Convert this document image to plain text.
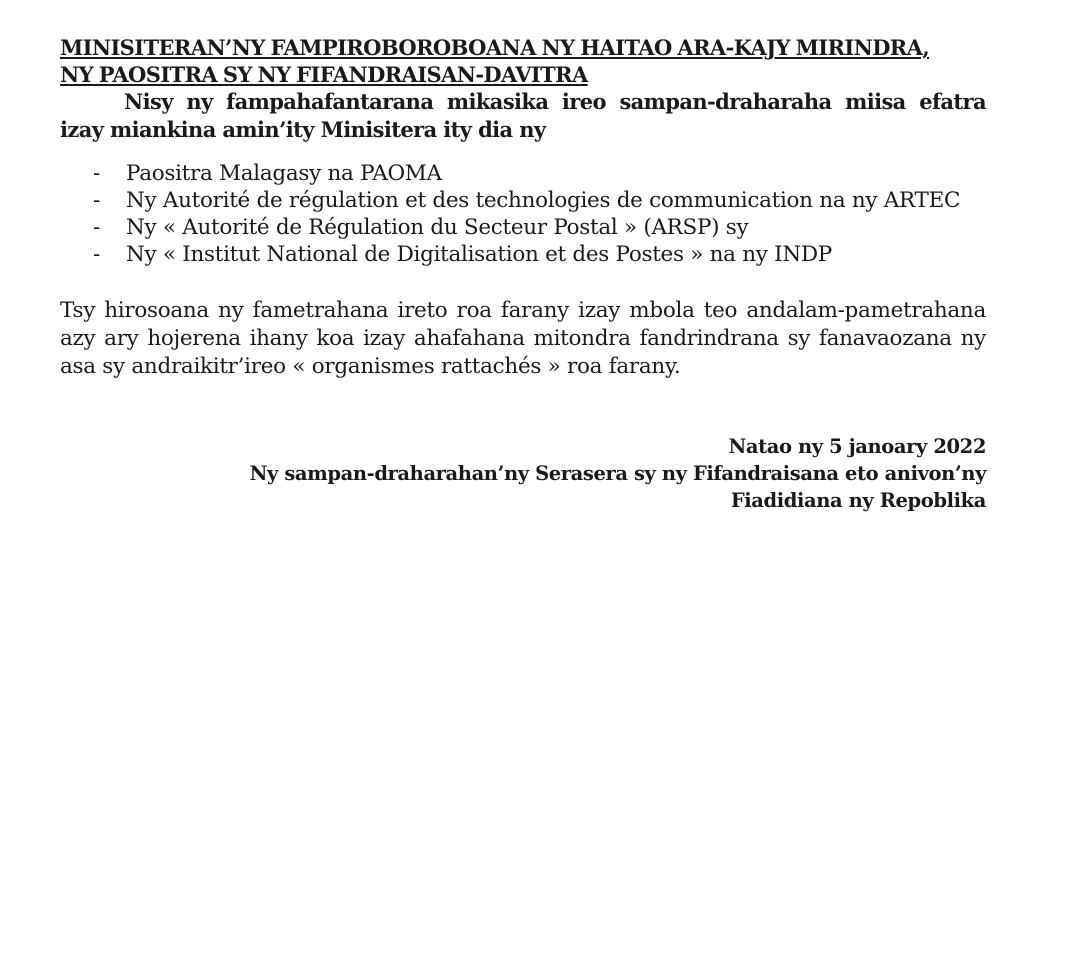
MINISITERAN’NY FAMPIROBOROBOANA NY HAITAO ARA-KAJY MIRINDRA,
NY PAOSITRA SY NY FIFANDRAISAN-DAVITRA

Nisy ny fampahafantarana mikasika ireo sampan-draharaha miisa efatra izay miankina amin’ity Minisitera ity dia ny

- Paositra Malagasy na PAOMA
- Ny Autorité de régulation et des technologies de communication na ny ARTEC
- Ny « Autorité de Régulation du Secteur Postal » (ARSP) sy
- Ny « Institut National de Digitalisation et des Postes » na ny INDP

Tsy hirosoana ny fametrahana ireto roa farany izay mbola teo andalam-pametrahana azy ary hojerena ihany koa izay ahafahana mitondra fandrindrana sy fanavaozana ny asa sy andraikitr’ireo « organismes rattachés » roa farany.

Natao ny 5 janoary 2022
Ny sampan-draharahan’ny Serasera sy ny Fifandraisana eto anivon’ny
Fiadidiana ny Repoblika
